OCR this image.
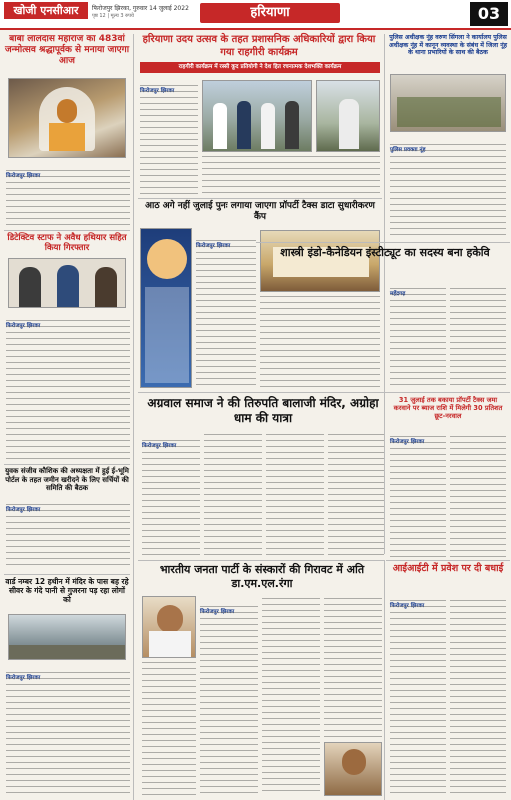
खोजी एनसीआर	फिरोजपुर झिरका, गुरुवार 14 जुलाई 2022
पृष्ठ 12 | मूल्य 3 रुपये	हरियाणा	03
बाबा लालदास महाराज का 483वां जन्मोत्सव श्रद्धापूर्वक से मनाया जाएगा आज
फिरोजपुर झिरका
डिटेक्टिव स्टाफ ने अवैध हथियार सहित किया गिरफ्तार
फिरोजपुर झिरका
युवक संजीव कौशिक की अध्यक्षता में हुई ई-भूमि पोर्टल के तहत जमीन खरीदने के लिए सर्चियों की समिति की बैठक
फिरोजपुर झिरका
वार्ड नम्बर 12 हथीन में मंदिर के पास बह रहे सीवर के गंदे पानी से गुजरना पड़ रहा लोगों को
फिरोजपुर झिरका
हरियाणा उदय उत्सव के तहत प्रशासनिक अधिकारियों द्वारा किया गया राहगीरी कार्यक्रम
राहगीरी कार्यक्रम में रस्सी कूद प्रतियोगी ने देश हित रचनात्मक देशभक्ति कार्यक्रम
फिरोजपुर झिरका
आठ अगे नहीं जुलाई पुनः लगाया जाएगा प्रॉपर्टी टैक्स डाटा सुधारीकरण कैंप
फिरोजपुर झिरका
अग्रवाल समाज ने की तिरुपति बालाजी मंदिर, अग्रोहा धाम की यात्रा
फिरोजपुर झिरका
भारतीय जनता पार्टी के संस्कारों की गिरावट में अति डा.एम.एल.रंगा
फिरोजपुर झिरका
पुलिस अधीक्षक नूंह वरुण सिंगला ने कार्यालय पुलिस अधीक्षक नूंह में कानून व्यवस्था के संबंध में जिला नूंह के थाना प्रभारियों के साथ की बैठक
पुलिस प्रवक्ता नूंह
शास्त्री इंडो-कैनेडियन इंस्टीट्यूट का सदस्य बना हकेवि
महेंद्रगढ़
31 जुलाई तक बकाया प्रॉपर्टी टैक्स जमा करवाने पर ब्याज राशि में मिलेगी 30 प्रतिशत छूट-नरवाल
फिरोजपुर झिरका
आईआईटी में प्रवेश पर दी बधाई
फिरोजपुर झिरका
